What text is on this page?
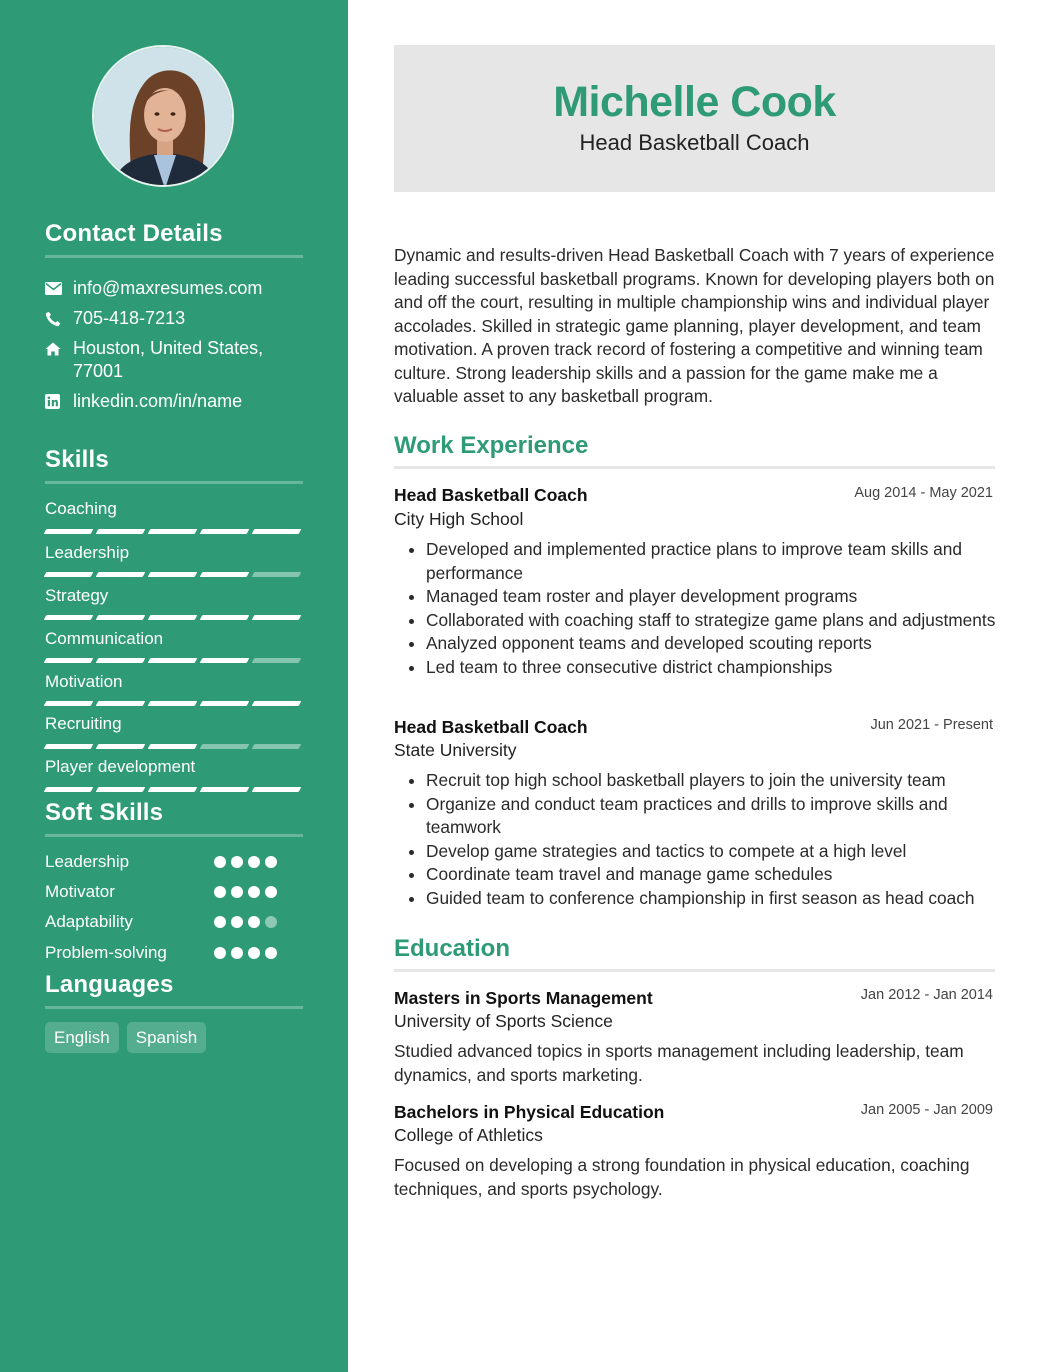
Contact Details
info@maxresumes.com
705-418-7213
Houston, United States, 77001
linkedin.com/in/name
Skills
Coaching
Leadership
Strategy
Communication
Motivation
Recruiting
Player development
Soft Skills
Leadership
Motivator
Adaptability
Problem-solving
Languages
English	Spanish
Michelle Cook
Head Basketball Coach
Dynamic and results-driven Head Basketball Coach with 7 years of experience leading successful basketball programs. Known for developing players both on and off the court, resulting in multiple championship wins and individual player accolades. Skilled in strategic game planning, player development, and team motivation. A proven track record of fostering a competitive and winning team culture. Strong leadership skills and a passion for the game make me a valuable asset to any basketball program.
Work Experience
Head Basketball Coach	Aug 2014 - May 2021
City High School
• Developed and implemented practice plans to improve team skills and performance
• Managed team roster and player development programs
• Collaborated with coaching staff to strategize game plans and adjustments
• Analyzed opponent teams and developed scouting reports
• Led team to three consecutive district championships
Head Basketball Coach	Jun 2021 - Present
State University
• Recruit top high school basketball players to join the university team
• Organize and conduct team practices and drills to improve skills and teamwork
• Develop game strategies and tactics to compete at a high level
• Coordinate team travel and manage game schedules
• Guided team to conference championship in first season as head coach
Education
Masters in Sports Management	Jan 2012 - Jan 2014
University of Sports Science
Studied advanced topics in sports management including leadership, team dynamics, and sports marketing.
Bachelors in Physical Education	Jan 2005 - Jan 2009
College of Athletics
Focused on developing a strong foundation in physical education, coaching techniques, and sports psychology.
